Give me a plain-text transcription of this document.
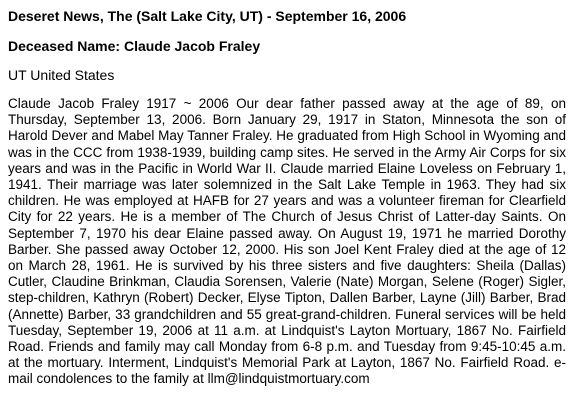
Deseret News, The (Salt Lake City, UT) - September 16, 2006

Deceased Name: Claude Jacob Fraley

UT United States

Claude Jacob Fraley 1917 ~ 2006 Our dear father passed away at the age of 89, on Thursday, September 13, 2006. Born January 29, 1917 in Staton, Minnesota the son of Harold Dever and Mabel May Tanner Fraley. He graduated from High School in Wyoming and was in the CCC from 1938-1939, building camp sites. He served in the Army Air Corps for six years and was in the Pacific in World War II. Claude married Elaine Loveless on February 1, 1941. Their marriage was later solemnized in the Salt Lake Temple in 1963. They had six children. He was employed at HAFB for 27 years and was a volunteer fireman for Clearfield City for 22 years. He is a member of The Church of Jesus Christ of Latter-day Saints. On September 7, 1970 his dear Elaine passed away. On August 19, 1971 he married Dorothy Barber. She passed away October 12, 2000. His son Joel Kent Fraley died at the age of 12 on March 28, 1961. He is survived by his three sisters and five daughters: Sheila (Dallas) Cutler, Claudine Brinkman, Claudia Sorensen, Valerie (Nate) Morgan, Selene (Roger) Sigler, step-children, Kathryn (Robert) Decker, Elyse Tipton, Dallen Barber, Layne (Jill) Barber, Brad (Annette) Barber, 33 grandchildren and 55 great-grand-children. Funeral services will be held Tuesday, September 19, 2006 at 11 a.m. at Lindquist's Layton Mortuary, 1867 No. Fairfield Road. Friends and family may call Monday from 6-8 p.m. and Tuesday from 9:45-10:45 a.m. at the mortuary. Interment, Lindquist's Memorial Park at Layton, 1867 No. Fairfield Road. e-mail condolences to the family at llm@lindquistmortuary.com
